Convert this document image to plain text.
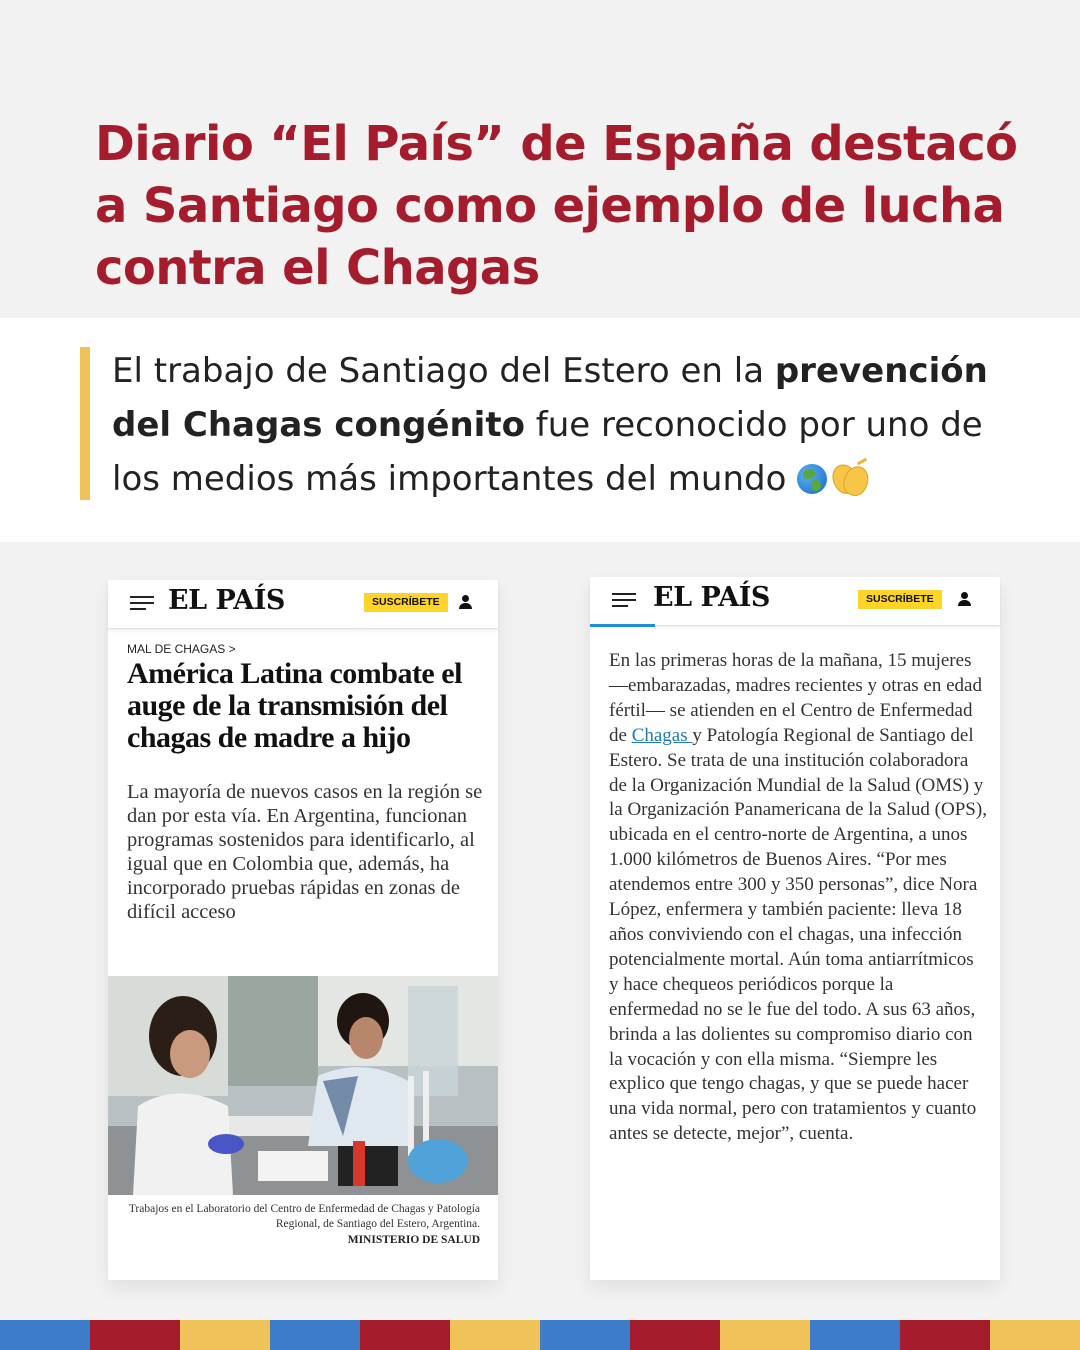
Diario “El País” de España destacó a Santiago como ejemplo de lucha contra el Chagas

El trabajo de Santiago del Estero en la prevención del Chagas congénito fue reconocido por uno de los medios más importantes del mundo

EL PAÍS	SUSCRÍBETE
MAL DE CHAGAS >
América Latina combate el auge de la transmisión del chagas de madre a hijo

La mayoría de nuevos casos en la región se dan por esta vía. En Argentina, funcionan programas sostenidos para identificarlo, al igual que en Colombia que, además, ha incorporado pruebas rápidas en zonas de difícil acceso

Trabajos en el Laboratorio del Centro de Enfermedad de Chagas y Patología Regional, de Santiago del Estero, Argentina.
MINISTERIO DE SALUD
EL PAÍS	SUSCRÍBETE

En las primeras horas de la mañana, 15 mujeres —embarazadas, madres recientes y otras en edad fértil— se atienden en el Centro de Enfermedad de Chagas y Patología Regional de Santiago del Estero. Se trata de una institución colaboradora de la Organización Mundial de la Salud (OMS) y la Organización Panamericana de la Salud (OPS), ubicada en el centro-norte de Argentina, a unos 1.000 kilómetros de Buenos Aires. “Por mes atendemos entre 300 y 350 personas”, dice Nora López, enfermera y también paciente: lleva 18 años conviviendo con el chagas, una infección potencialmente mortal. Aún toma antiarrítmicos y hace chequeos periódicos porque la enfermedad no se le fue del todo. A sus 63 años, brinda a las dolientes su compromiso diario con la vocación y con ella misma. “Siempre les explico que tengo chagas, y que se puede hacer una vida normal, pero con tratamientos y cuanto antes se detecte, mejor”, cuenta.
